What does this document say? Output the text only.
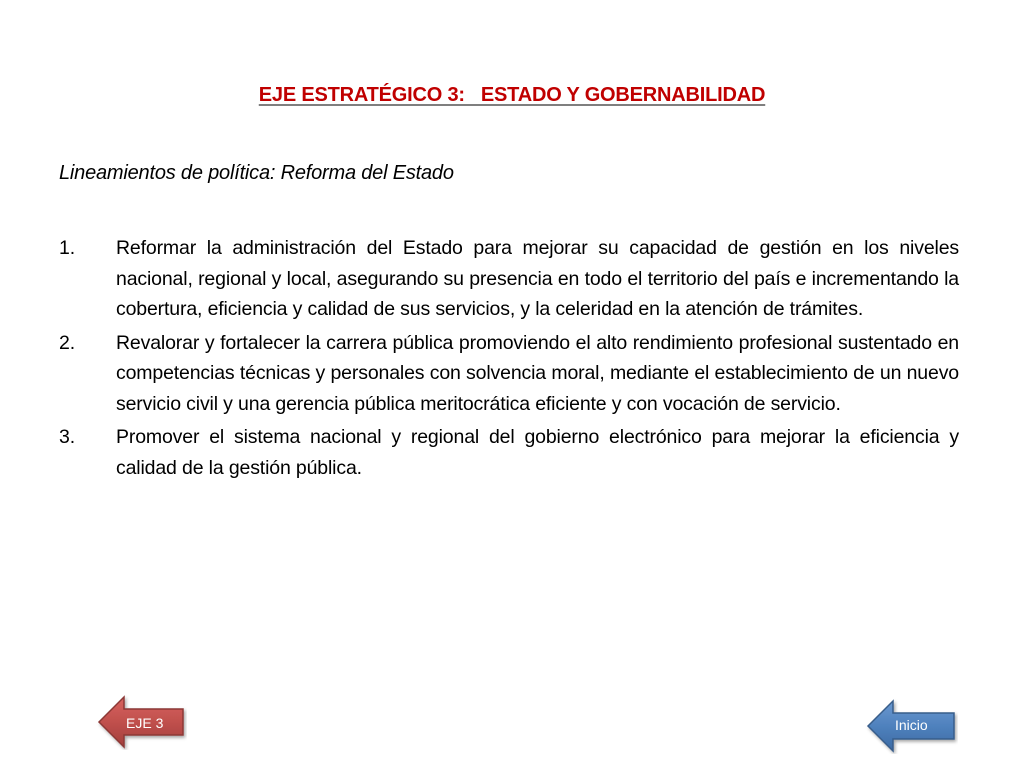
EJE ESTRATÉGICO 3:   ESTADO Y GOBERNABILIDAD
Lineamientos de política: Reforma del Estado
1.	Reformar la administración del Estado para mejorar su capacidad de gestión en los niveles nacional, regional y local, asegurando su presencia en todo el territorio del país e incrementando la cobertura, eficiencia y calidad de sus servicios, y la celeridad en la atención de trámites.
2.	Revalorar y fortalecer la carrera pública promoviendo el alto rendimiento profesional sustentado en competencias técnicas y personales con solvencia moral, mediante el establecimiento de un nuevo servicio civil y una gerencia pública meritocrática eficiente y con vocación de servicio.
3.	Promover el sistema nacional y regional del gobierno electrónico para mejorar la eficiencia y calidad de la gestión pública.
EJE 3	Inicio
